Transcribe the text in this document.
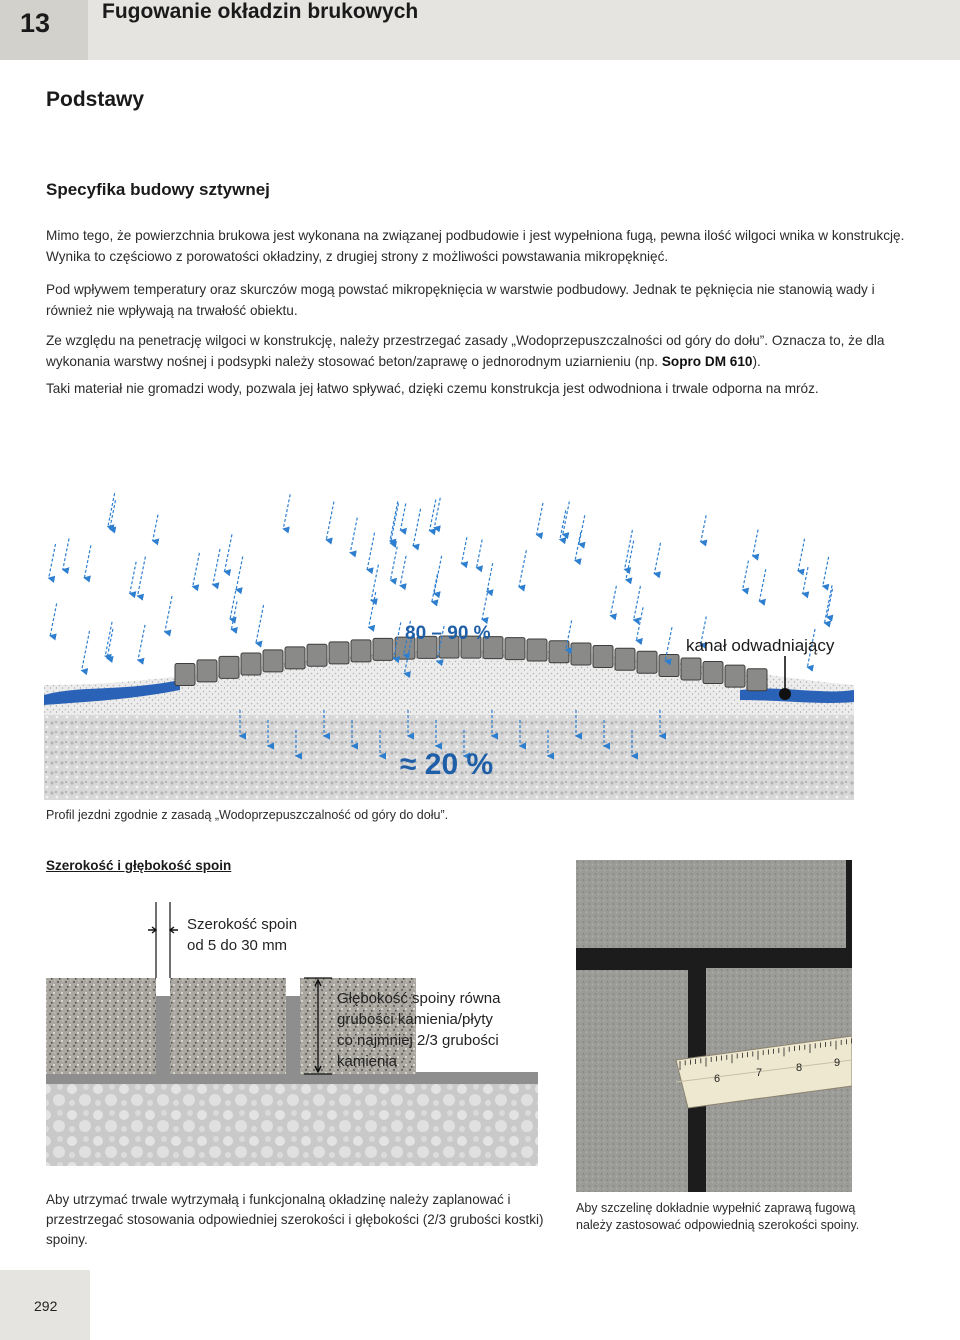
13 Fugowanie okładzin brukowych
Podstawy
Specyfika budowy sztywnej
Mimo tego, że powierzchnia brukowa jest wykonana na związanej podbudowie i jest wypełniona fugą, pewna ilość wilgoci wnika w konstrukcję. Wynika to częściowo z porowatości okładziny, z drugiej strony z możliwości powstawania mikropęknięć.
Pod wpływem temperatury oraz skurczów mogą powstać mikropęknięcia w warstwie podbudowy. Jednak te pęknięcia nie stanowią wady i również nie wpływają na trwałość obiektu.
Ze względu na penetrację wilgoci w konstrukcję, należy przestrzegać zasady „Wodoprzepuszczalności od góry do dołu”. Oznacza to, że dla wykonania warstwy nośnej i podsypki należy stosować beton/zaprawę o jednorodnym uziarnieniu (np. Sopro DM 610).
Taki materiał nie gromadzi wody, pozwala jej łatwo spływać, dzięki czemu konstrukcja jest odwodniona i trwale odporna na mróz.
80 – 90 %
kanał odwadniający
≈ 20 %
Profil jezdni zgodnie z zasadą „Wodoprzepuszczalność od góry do dołu”.
Szerokość i głębokość spoin
Szerokość spoin
od 5 do 30 mm
Głębokość spoiny równa
grubości kamienia/płyty
co najmniej 2/3 grubości
kamienia
6	7	8	9
Aby utrzymać trwale wytrzymałą i funkcjonalną okładzinę należy zaplanować i przestrzegać stosowania odpowiedniej szerokości i głębokości (2/3 grubości kostki) spoiny.
Aby szczelinę dokładnie wypełnić zaprawą fugową należy zastosować odpowiednią szerokości spoiny.
292
